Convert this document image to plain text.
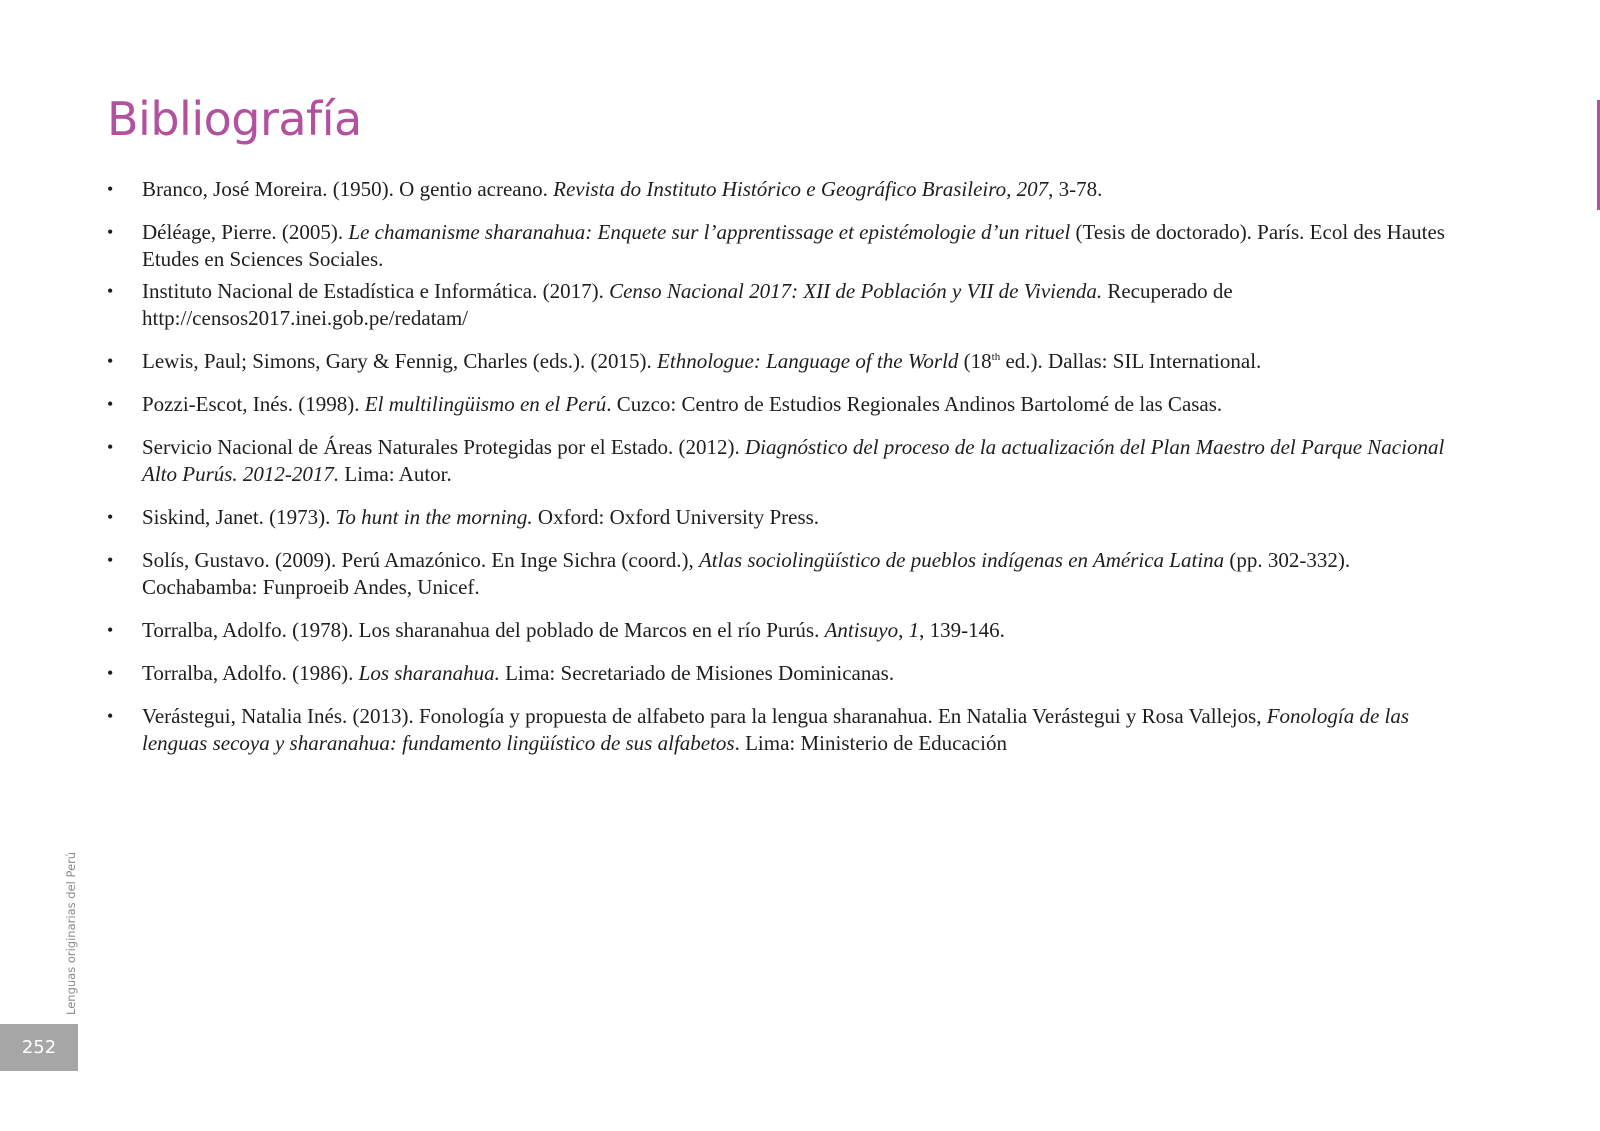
Bibliografía
• Branco, José Moreira. (1950). O gentio acreano. Revista do Instituto Histórico e Geográfico Brasileiro, 207, 3-78.
• Déléage, Pierre. (2005). Le chamanisme sharanahua: Enquete sur l’apprentissage et epistémologie d’un rituel (Tesis de doctorado). París. Ecol des Hautes Etudes en Sciences Sociales.
• Instituto Nacional de Estadística e Informática. (2017). Censo Nacional 2017: XII de Población y VII de Vivienda. Recuperado de http://censos2017.inei.gob.pe/redatam/
• Lewis, Paul; Simons, Gary & Fennig, Charles (eds.). (2015). Ethnologue: Language of the World (18th ed.). Dallas: SIL International.
• Pozzi-Escot, Inés. (1998). El multilingüismo en el Perú. Cuzco: Centro de Estudios Regionales Andinos Bartolomé de las Casas.
• Servicio Nacional de Áreas Naturales Protegidas por el Estado. (2012). Diagnóstico del proceso de la actualización del Plan Maestro del Parque Nacional Alto Purús. 2012-2017. Lima: Autor.
• Siskind, Janet. (1973). To hunt in the morning. Oxford: Oxford University Press.
• Solís, Gustavo. (2009). Perú Amazónico. En Inge Sichra (coord.), Atlas sociolingüístico de pueblos indígenas en América Latina (pp. 302-332). Cochabamba: Funproeib Andes, Unicef.
• Torralba, Adolfo. (1978). Los sharanahua del poblado de Marcos en el río Purús. Antisuyo, 1, 139-146.
• Torralba, Adolfo. (1986). Los sharanahua. Lima: Secretariado de Misiones Dominicanas.
• Verástegui, Natalia Inés. (2013). Fonología y propuesta de alfabeto para la lengua sharanahua. En Natalia Verástegui y Rosa Vallejos, Fonología de las lenguas secoya y sharanahua: fundamento lingüístico de sus alfabetos. Lima: Ministerio de Educación
Lenguas originarias del Perú
252
